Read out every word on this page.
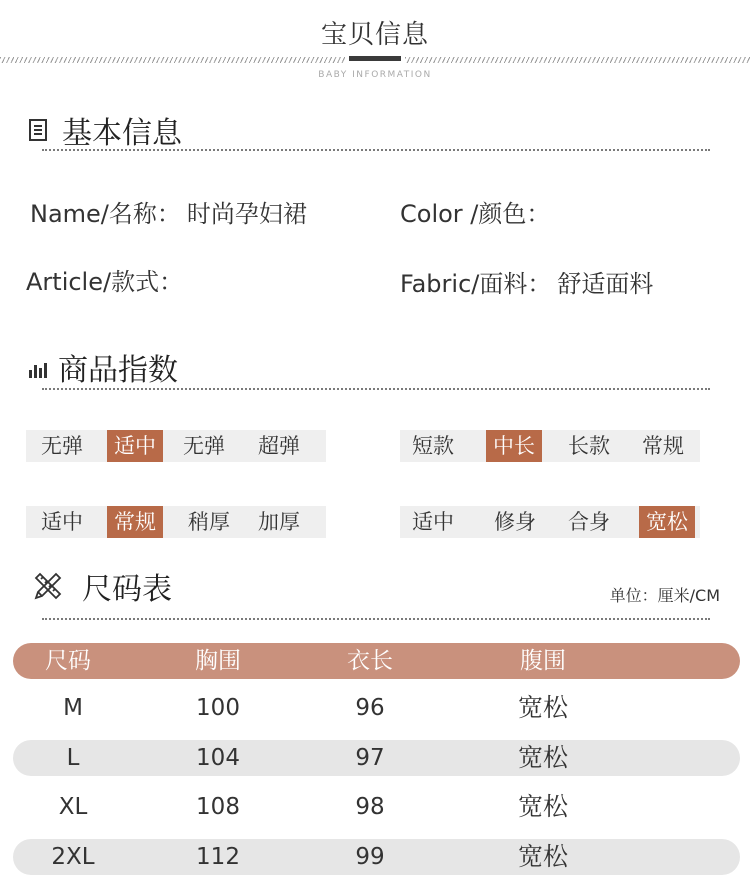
宝贝信息
BABY INFORMATION
基本信息
Name/名称： 时尚孕妇裙	Color /颜色：
Article/款式：	Fabric/面料： 舒适面料
商品指数
无弹	适中	无弹	超弹	短款	中长	长款	常规
适中	常规	稍厚	加厚	适中	修身	合身	宽松
尺码表	单位：厘米/CM
尺码	胸围	衣长	腹围
M	100	96	宽松
L	104	97	宽松
XL	108	98	宽松
2XL	112	99	宽松
